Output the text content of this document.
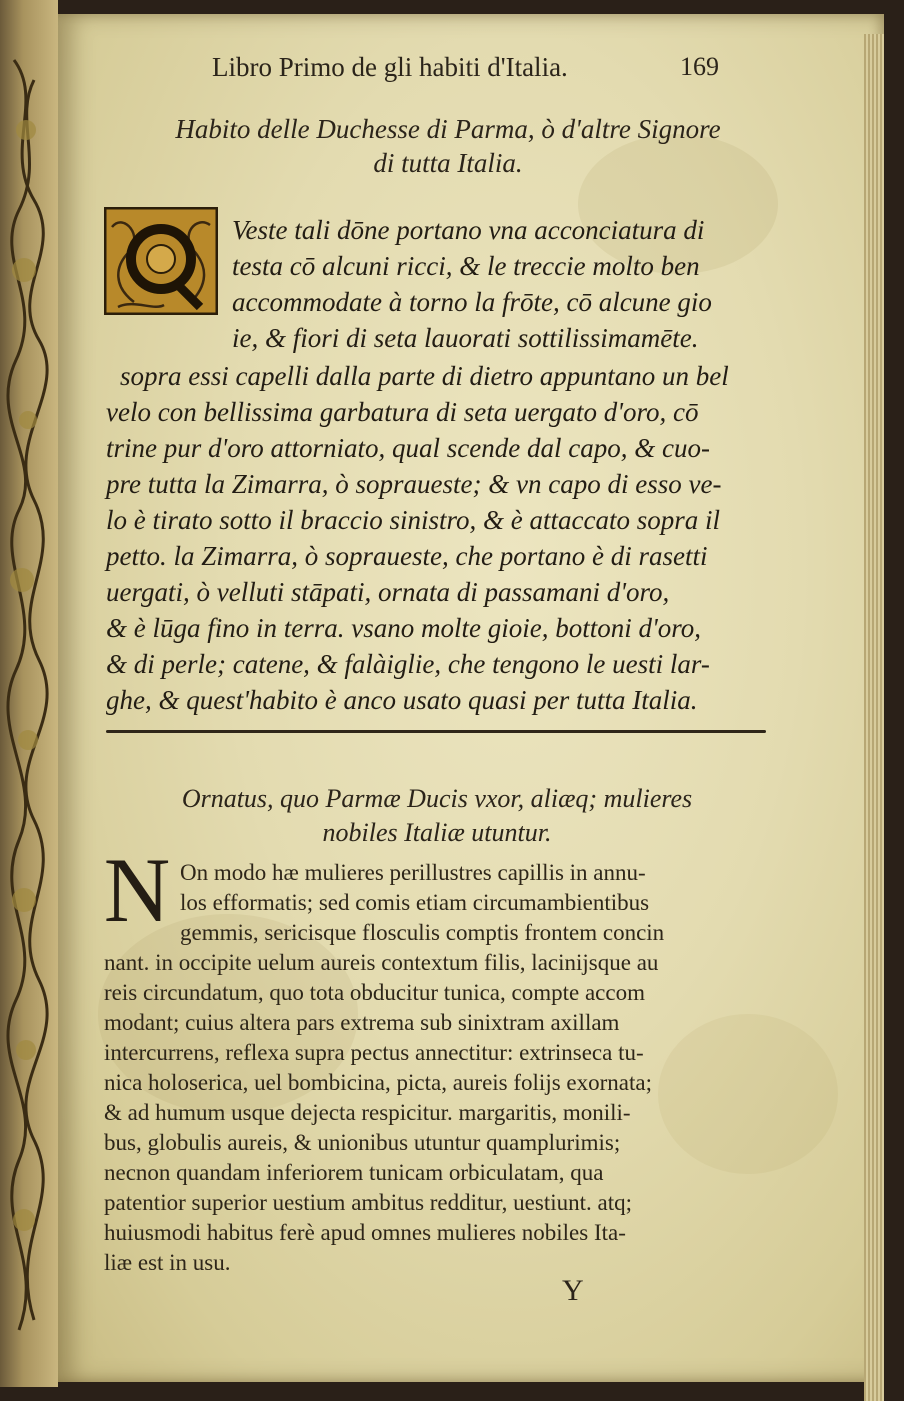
Libro Primo de gli habiti d'Italia.	169
Habito delle Duchesse di Parma, ò d'altre Signore
di tutta Italia.
Veste tali dōne portano vna acconciatura di
testa cō alcuni ricci, & le treccie molto ben
accommodate à torno la frōte, cō alcune gio
ie, & fiori di seta lauorati sottilissimamēte.
sopra essi capelli dalla parte di dietro appuntano un bel
velo con bellissima garbatura di seta uergato d'oro, cō
trine pur d'oro attorniato, qual scende dal capo, & cuo-
pre tutta la Zimarra, ò sopraueste; & vn capo di esso ve-
lo è tirato sotto il braccio sinistro, & è attaccato sopra il
petto. la Zimarra, ò sopraueste, che portano è di rasetti
uergati, ò velluti stāpati, ornata di passamani d'oro,
& è lūga fino in terra. vsano molte gioie, bottoni d'oro,
& di perle; catene, & falàiglie, che tengono le uesti lar-
ghe, & quest'habito è anco usato quasi per tutta Italia.
Ornatus, quo Parmæ Ducis vxor, aliæq; mulieres
nobiles Italiæ utuntur.
N On modo hæ mulieres perillustres capillis in annu-
los efformatis; sed comis etiam circumambientibus
gemmis, sericisque flosculis comptis frontem concin
nant. in occipite uelum aureis contextum filis, lacinijsque au
reis circundatum, quo tota obducitur tunica, compte accom
modant; cuius altera pars extrema sub sinixtram axillam
intercurrens, reflexa supra pectus annectitur: extrinseca tu-
nica holoserica, uel bombicina, picta, aureis folijs exornata;
& ad humum usque dejecta respicitur. margaritis, monili-
bus, globulis aureis, & unionibus utuntur quamplurimis;
necnon quandam inferiorem tunicam orbiculatam, qua
patentior superior uestium ambitus redditur, uestiunt. atq;
huiusmodi habitus ferè apud omnes mulieres nobiles Ita-
liæ est in usu.
Y
